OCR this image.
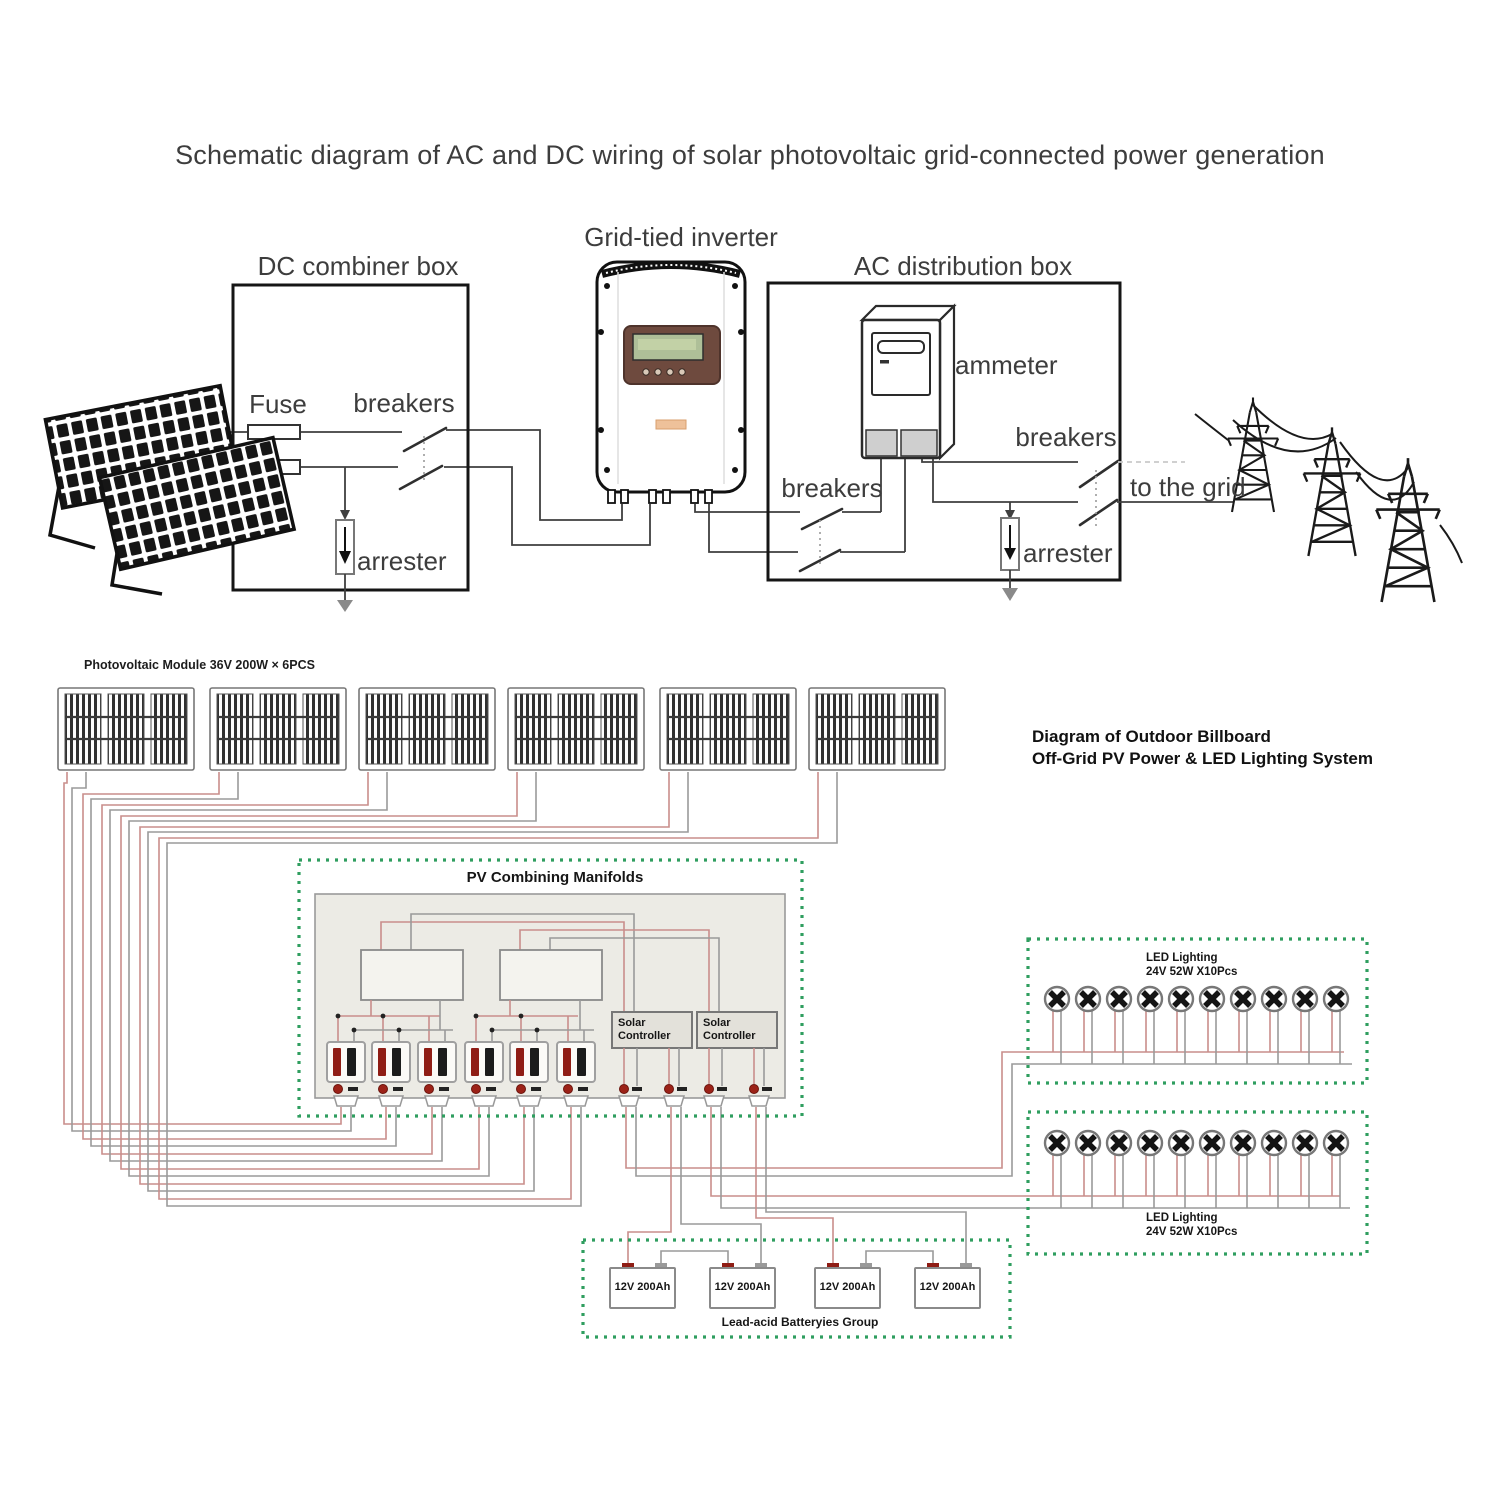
Schematic diagram of AC and DC wiring of solar photovoltaic grid-connected power generation
Grid-tied inverter
DC combiner box	AC distribution box
Fuse	breakers
breakers
breakers
ammeter
arrester	arrester
to the grid
Photovoltaic Module 36V 200W × 6PCS
Diagram of Outdoor Billboard
Off-Grid PV Power & LED Lighting System
PV Combining Manifolds
Solar Controller
Solar Controller
LED Lighting
24V 52W X10Pcs
LED Lighting
24V 52W X10Pcs
12V 200Ah	12V 200Ah	12V 200Ah	12V 200Ah
Lead-acid Batteryies Group
